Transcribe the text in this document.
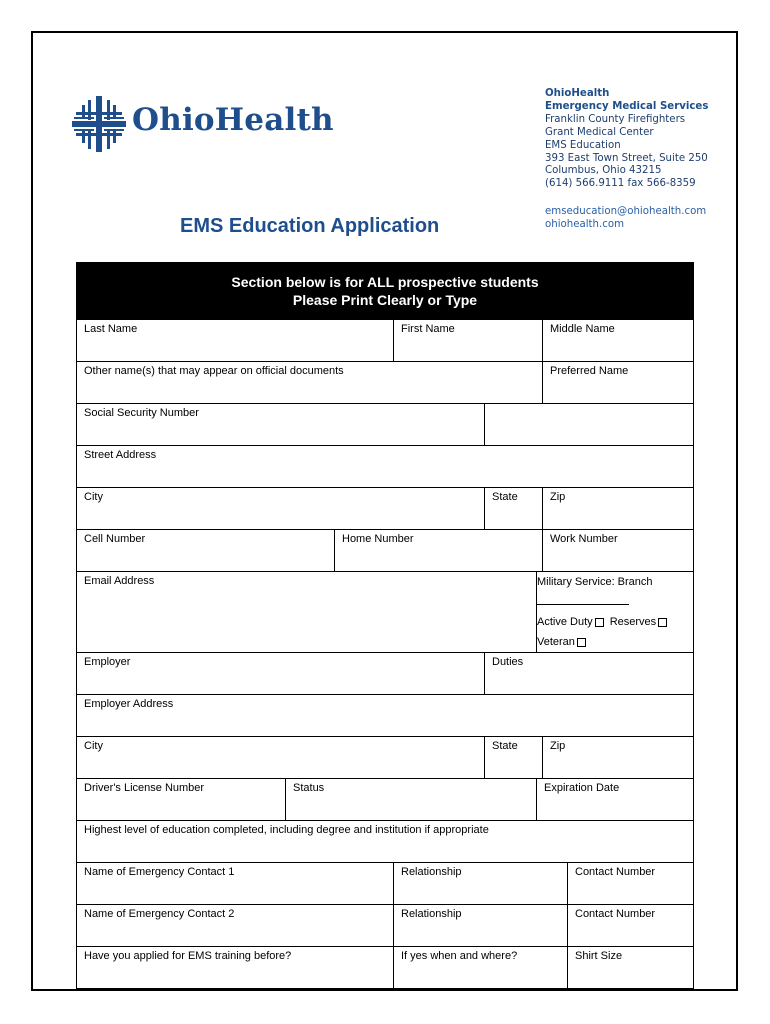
OhioHealth
OhioHealth
Emergency Medical Services
Franklin County Firefighters
Grant Medical Center
EMS Education
393 East Town Street, Suite 250
Columbus, Ohio 43215
(614) 566.9111 fax 566-8359
emseducation@ohiohealth.com
ohiohealth.com
EMS Education Application
Section below is for ALL prospective students
Please Print Clearly or Type							

Last Name			First Name			Middle Name	
Other name(s) that may appear on official documents						Preferred Name	
Social Security Number							
Street Address							
City				State		Zip	
Cell Number		Home Number				Work Number	
Email Address					Military Service: Branch
Active Duty Reserves Veteran		

Employer				Duties			
Employer Address							
City				State		Zip	
Driver's License Number	Status				Expiration Date		
Highest level of education completed, including degree and institution if appropriate							
Name of Emergency Contact 1			Relationship				Contact Number
Name of Emergency Contact 2			Relationship				Contact Number
Have you applied for EMS training before?			If yes when and where?				Shirt Size
